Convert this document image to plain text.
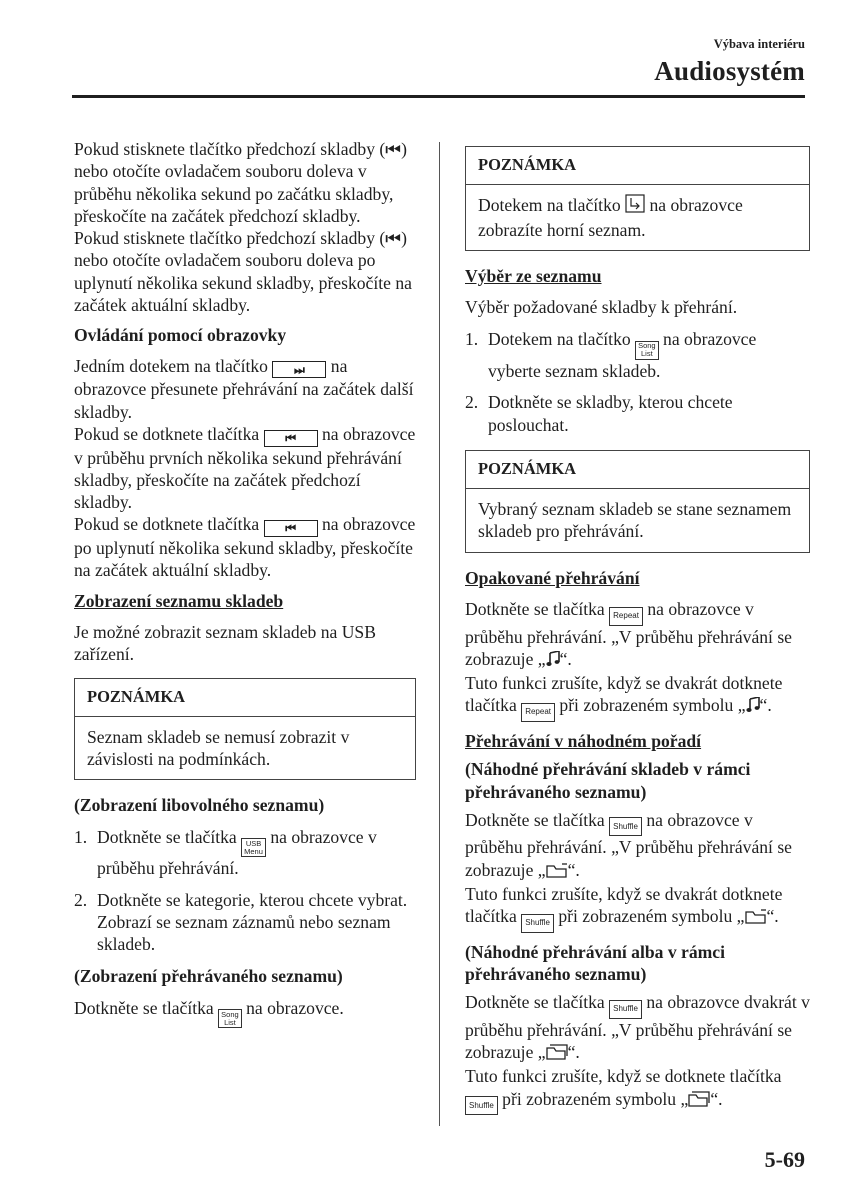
Výbava interiéru
Audiosystém

Pokud stisknete tlačítko předchozí skladby (⏮) nebo otočíte ovladačem souboru doleva v průběhu několika sekund po začátku skladby, přeskočíte na začátek předchozí skladby.

Pokud stisknete tlačítko předchozí skladby (⏮) nebo otočíte ovladačem souboru doleva po uplynutí několika sekund skladby, přeskočíte na začátek aktuální skladby.

Ovládání pomocí obrazovky

Jedním dotekem na tlačítko ⏭ na obrazovce přesunete přehrávání na začátek další skladby.

Pokud se dotknete tlačítka ⏮ na obrazovce v průběhu prvních několika sekund přehrávání skladby, přeskočíte na začátek předchozí skladby.

Pokud se dotknete tlačítka ⏮ na obrazovce po uplynutí několika sekund skladby, přeskočíte na začátek aktuální skladby.

Zobrazení seznamu skladeb

Je možné zobrazit seznam skladeb na USB zařízení.

POZNÁMKA
Seznam skladeb se nemusí zobrazit v závislosti na podmínkách.
(Zobrazení libovolného seznamu)
1. Dotkněte se tlačítka USB
Menu
na obrazovce v průběhu přehrávání.
2. Dotkněte se kategorie, kterou chcete vybrat. Zobrazí se seznam záznamů nebo seznam skladeb.
(Zobrazení přehrávaného seznamu)

Dotkněte se tlačítka Song
List
na obrazovce.

POZNÁMKA
Dotekem na tlačítko na obrazovce zobrazíte horní seznam.
Výběr ze seznamu

Výběr požadované skladby k přehrání.

1. Dotekem na tlačítko Song
List
na obrazovce vyberte seznam skladeb.
2. Dotkněte se skladby, kterou chcete poslouchat.
POZNÁMKA
Vybraný seznam skladeb se stane seznamem skladeb pro přehrávání.
Opakované přehrávání

Dotkněte se tlačítka Repeat na obrazovce v průběhu přehrávání. „V průběhu přehrávání se zobrazuje „ “.

Tuto funkci zrušíte, když se dvakrát dotknete tlačítka Repeat při zobrazeném symbolu „ “.

Přehrávání v náhodném pořadí
(Náhodné přehrávání skladeb v rámci přehrávaného seznamu)

Dotkněte se tlačítka Shuffle na obrazovce v průběhu přehrávání. „V průběhu přehrávání se zobrazuje „ “.

Tuto funkci zrušíte, když se dvakrát dotknete tlačítka Shuffle při zobrazeném symbolu „ “.

(Náhodné přehrávání alba v rámci přehrávaného seznamu)

Dotkněte se tlačítka Shuffle na obrazovce dvakrát v průběhu přehrávání. „V průběhu přehrávání se zobrazuje „ “.

Tuto funkci zrušíte, když se dotknete tlačítka Shuffle při zobrazeném symbolu „ “.

5-69
